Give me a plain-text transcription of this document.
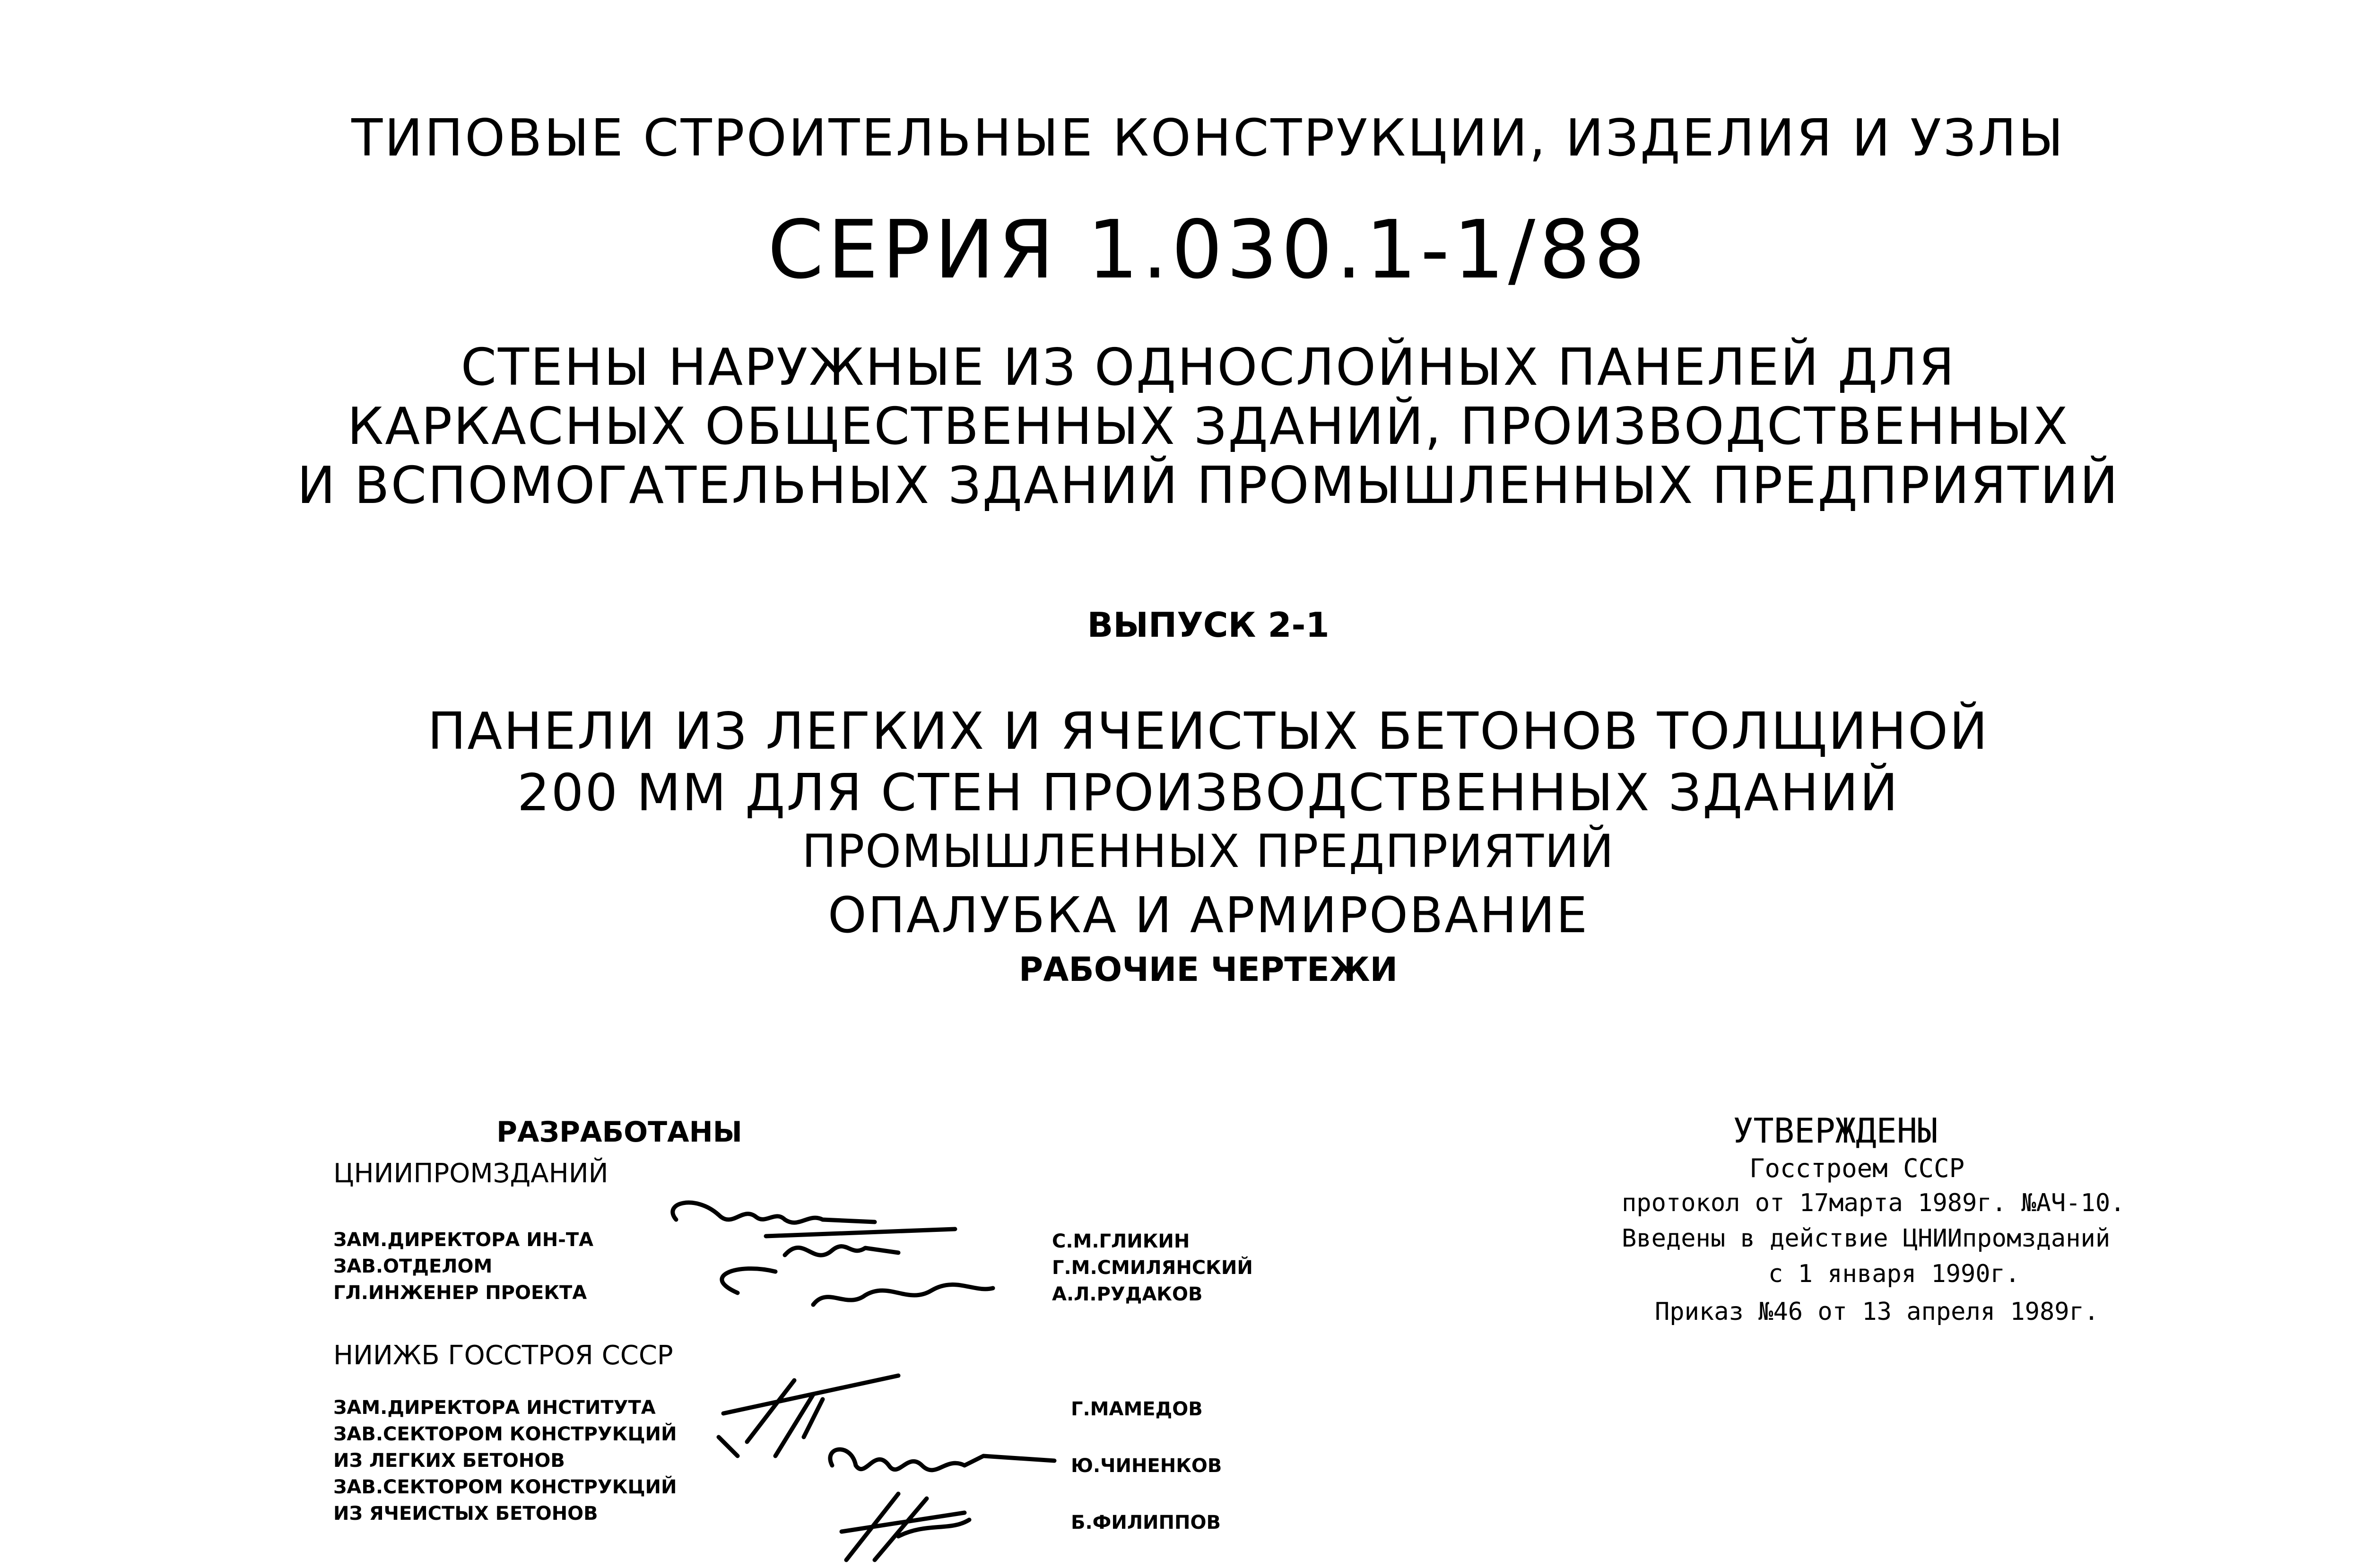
ТИПОВЫЕ СТРОИТЕЛЬНЫЕ КОНСТРУКЦИИ, ИЗДЕЛИЯ И УЗЛЫ
СЕРИЯ 1.030.1-1/88
СТЕНЫ НАРУЖНЫЕ ИЗ ОДНОСЛОЙНЫХ ПАНЕЛЕЙ ДЛЯ
КАРКАСНЫХ ОБЩЕСТВЕННЫХ ЗДАНИЙ, ПРОИЗВОДСТВЕННЫХ
И ВСПОМОГАТЕЛЬНЫХ ЗДАНИЙ ПРОМЫШЛЕННЫХ ПРЕДПРИЯТИЙ
ВЫПУСК 2-1
ПАНЕЛИ ИЗ ЛЕГКИХ И ЯЧЕИСТЫХ БЕТОНОВ ТОЛЩИНОЙ
200 ММ ДЛЯ СТЕН ПРОИЗВОДСТВЕННЫХ ЗДАНИЙ
ПРОМЫШЛЕННЫХ ПРЕДПРИЯТИЙ
ОПАЛУБКА И АРМИРОВАНИЕ
РАБОЧИЕ ЧЕРТЕЖИ
РАЗРАБОТАНЫ
ЦНИИПРОМЗДАНИЙ
ЗАМ.ДИРЕКТОРА ИН-ТА
ЗАВ.ОТДЕЛОМ
ГЛ.ИНЖЕНЕР ПРОЕКТА
С.М.ГЛИКИН
Г.М.СМИЛЯНСКИЙ
А.Л.РУДАКОВ
НИИЖБ ГОССТРОЯ СССР
ЗАМ.ДИРЕКТОРА ИНСТИТУТА
ЗАВ.СЕКТОРОМ КОНСТРУКЦИЙ
ИЗ ЛЕГКИХ БЕТОНОВ
ЗАВ.СЕКТОРОМ КОНСТРУКЦИЙ
ИЗ ЯЧЕИСТЫХ БЕТОНОВ
Г.МАМЕДОВ
Ю.ЧИНЕНКОВ
Б.ФИЛИППОВ
УТВЕРЖДЕНЫ
Госстроем СССР
протокол от 17марта 1989г. №АЧ-10.
Введены в действие ЦНИИпромзданий
с 1 января 1990г.
Приказ №46 от 13 апреля 1989г.
